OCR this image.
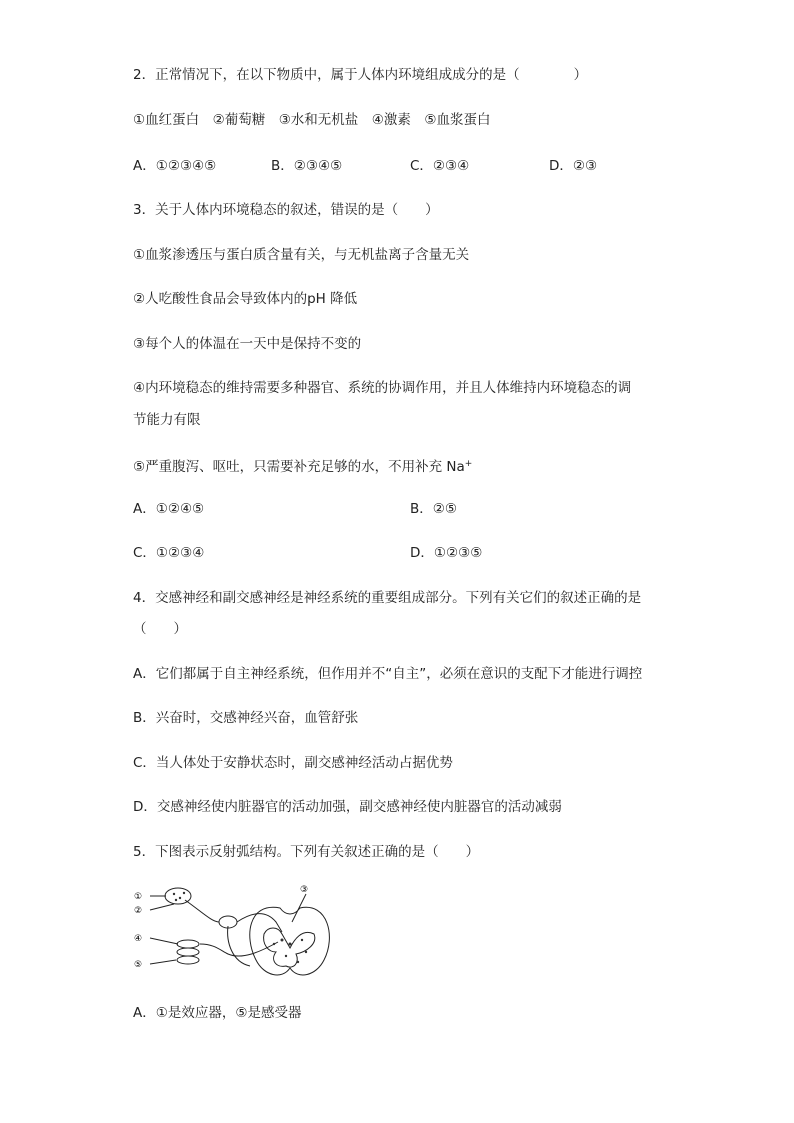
2．正常情况下，在以下物质中，属于人体内环境组成成分的是（　　　　）
①血红蛋白　②葡萄糖　③水和无机盐　④激素　⑤血浆蛋白
A．①②③④⑤	B．②③④⑤	C．②③④	D．②③
3．关于人体内环境稳态的叙述，错误的是（　　）
①血浆渗透压与蛋白质含量有关，与无机盐离子含量无关
②人吃酸性食品会导致体内的pH 降低
③每个人的体温在一天中是保持不变的
④内环境稳态的维持需要多种器官、系统的协调作用，并且人体维持内环境稳态的调
节能力有限
⑤严重腹泻、呕吐，只需要补充足够的水，不用补充 Na+
A．①②④⑤	B．②⑤
C．①②③④	D．①②③⑤
4．交感神经和副交感神经是神经系统的重要组成部分。下列有关它们的叙述正确的是
（　　）
A．它们都属于自主神经系统，但作用并不“自主”，必须在意识的支配下才能进行调控
B．兴奋时，交感神经兴奋，血管舒张
C．当人体处于安静状态时，副交感神经活动占据优势
D．交感神经使内脏器官的活动加强，副交感神经使内脏器官的活动减弱
5．下图表示反射弧结构。下列有关叙述正确的是（　　）
①
②
③
④
⑤
A．①是效应器，⑤是感受器
